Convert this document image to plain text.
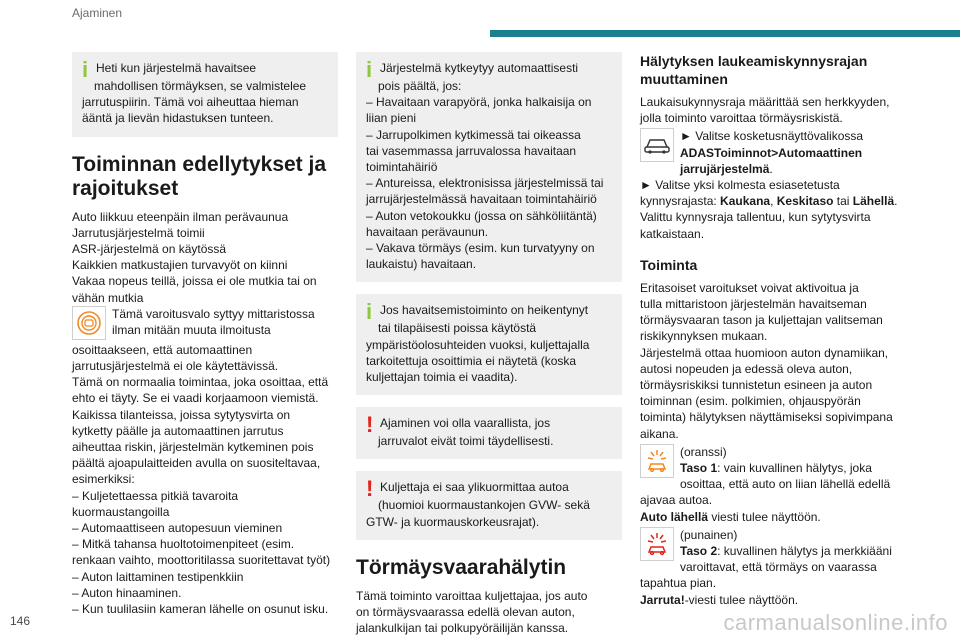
Ajaminen

i Heti kun järjestelmä havaitsee
mahdollisen törmäyksen, se valmistelee
jarrutuspiirin. Tämä voi aiheuttaa hieman
ääntä ja lievän hidastuksen tunteen.

Toiminnan edellytykset ja rajoitukset
Auto liikkuu eteenpäin ilman perävaunua
Jarrutusjärjestelmä toimii
ASR-järjestelmä on käytössä
Kaikkien matkustajien turvavyöt on kiinni
Vakaa nopeus teillä, joissa ei ole mutkia tai on
vähän mutkia
Tämä varoitusvalo syttyy mittaristossa
ilman mitään muuta ilmoitusta
osoittaakseen, että automaattinen
jarrutusjärjestelmä ei ole käytettävissä.
Tämä on normaalia toimintaa, joka osoittaa, että
ehto ei täyty. Se ei vaadi korjaamoon viemistä.
Kaikissa tilanteissa, joissa sytytysvirta on
kytketty päälle ja automaattinen jarrutus
aiheuttaa riskin, järjestelmän kytkeminen pois
päältä ajoapulaitteiden avulla on suositeltavaa,
esimerkiksi:
– Kuljetettaessa pitkiä tavaroita
kuormaustangoilla
– Automaattiseen autopesuun vieminen
– Mitkä tahansa huoltotoimenpiteet (esim.
renkaan vaihto, moottoritilassa suoritettavat työt)
– Auton laittaminen testipenkkiin
– Auton hinaaminen.
– Kun tuulilasiin kameran lähelle on osunut isku.

i Järjestelmä kytkeytyy automaattisesti
pois päältä, jos:
– Havaitaan varapyörä, jonka halkaisija on
liian pieni
– Jarrupolkimen kytkimessä tai oikeassa
tai vasemmassa jarruvalossa havaitaan
toimintahäiriö
– Antureissa, elektronisissa järjestelmissä tai
jarrujärjestelmässä havaitaan toimintahäiriö
– Auton vetokoukku (jossa on sähköliitäntä)
havaitaan perävaunun.
– Vakava törmäys (esim. kun turvatyyny on
laukaistu) havaitaan.

i Jos havaitsemistoiminto on heikentynyt
tai tilapäisesti poissa käytöstä
ympäristöolosuhteiden vuoksi, kuljettajalla
tarkoitettuja osoittimia ei näytetä (koska
kuljettajan toimia ei vaadita).

! Ajaminen voi olla vaarallista, jos
jarruvalot eivät toimi täydellisesti.

! Kuljettaja ei saa ylikuormittaa autoa
(huomioi kuormaustankojen GVW- sekä
GTW- ja kuormauskorkeusrajat).

Törmäysvaarahälytin
Tämä toiminto varoittaa kuljettajaa, jos auto
on törmäysvaarassa edellä olevan auton,
jalankulkijan tai polkupyöräilijän kanssa.
Hälytyksen laukeamiskynnysrajan muuttaminen
Laukaisukynnysraja määrittää sen herkkyyden,
jolla toiminto varoittaa törmäysriskistä.
► Valitse kosketusnäyttövalikossa ADASToiminnot>Automaattinen jarrujärjestelmä.
► Valitse yksi kolmesta esiasetetusta kynnysrajasta: Kaukana, Keskitaso tai Lähellä.
Valittu kynnysraja tallentuu, kun sytytysvirta katkaistaan.
Toiminta
Eritasoiset varoitukset voivat aktivoitua ja
tulla mittaristoon järjestelmän havaitseman
törmäysvaaran tason ja kuljettajan valitseman
riskikynnyksen mukaan.
Järjestelmä ottaa huomioon auton dynamiikan,
autosi nopeuden ja edessä oleva auton,
törmäysriskiksi tunnistetun esineen ja auton
toiminnan (esim. polkimien, ohjauspyörän
toiminta) hälytyksen näyttämiseksi sopivimpana
aikana.
(oranssi)
Taso 1: vain kuvallinen hälytys, joka osoittaa, että auto on liian lähellä edellä ajavaa autoa.
Auto lähellä viesti tulee näyttöön.
(punainen)
Taso 2: kuvallinen hälytys ja merkkiääni varoittavat, että törmäys on vaarassa tapahtua pian.
Jarruta!-viesti tulee näyttöön.
146	carmanualsonline.info
